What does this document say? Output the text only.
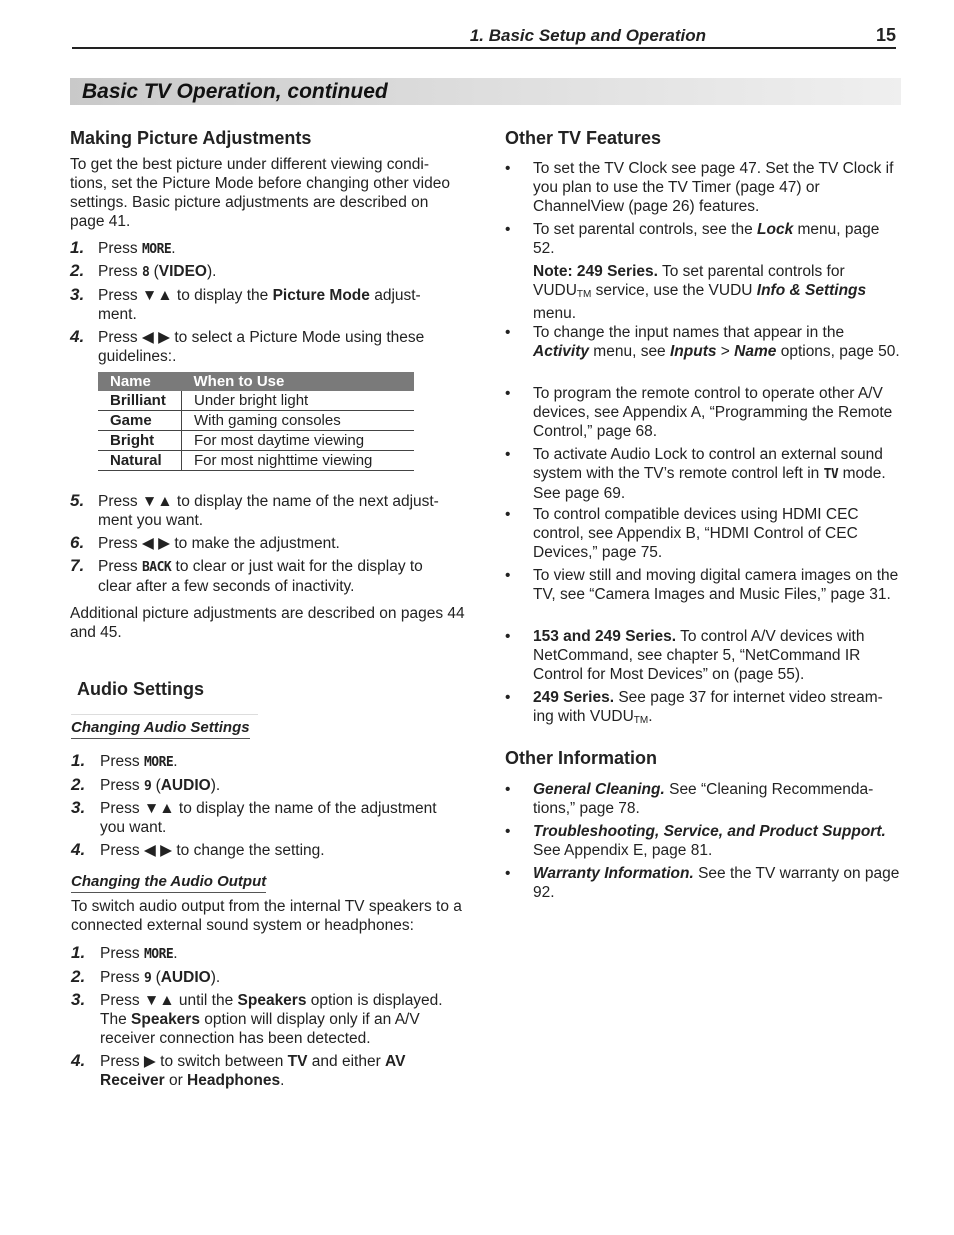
1. Basic Setup and Operation	15
Basic TV Operation, continued
Making Picture Adjustments
To get the best picture under different viewing condi-tions, set the Picture Mode before changing other video settings. Basic picture adjustments are described on page 41.
1. Press MORE.
2. Press 8 (VIDEO).
3. Press ▼▲ to display the Picture Mode adjust-ment.
4. Press ◀ ▶ to select a Picture Mode using these guidelines:.
Name	When to Use
Brilliant	Under bright light
Game	With gaming consoles
Bright	For most daytime viewing
Natural	For most nighttime viewing
5. Press ▼▲ to display the name of the next adjust-ment you want.
6. Press ◀ ▶ to make the adjustment.
7. Press BACK to clear or just wait for the display to clear after a few seconds of inactivity.
Additional picture adjustments are described on pages 44 and 45.
Audio Settings
Changing Audio Settings
1. Press MORE.
2. Press 9 (AUDIO).
3. Press ▼▲ to display the name of the adjustment you want.
4. Press ◀ ▶ to change the setting.
Changing the Audio Output
To switch audio output from the internal TV speakers to a connected external sound system or headphones:
1. Press MORE.
2. Press 9 (AUDIO).
3. Press ▼▲ until the Speakers option is displayed. The Speakers option will display only if an A/V receiver connection has been detected.
4. Press ▶ to switch between TV and either AV Receiver or Headphones.
Other TV Features
• To set the TV Clock see page 47. Set the TV Clock if you plan to use the TV Timer (page 47) or ChannelView (page 26) features.
• To set parental controls, see the Lock menu, page 52.
Note: 249 Series. To set parental controls for $VUDU_{TM}$ service, use the VUDU Info & Settings menu.
• To change the input names that appear in the Activity menu, see Inputs > Name options, page 50.
• To program the remote control to operate other A/V devices, see Appendix A, “Programming the Remote Control,” page 68.
• To activate Audio Lock to control an external sound system with the TV’s remote control left in TV mode. See page 69.
• To control compatible devices using HDMI CEC control, see Appendix B, “HDMI Control of CEC Devices,” page 75.
• To view still and moving digital camera images on the TV, see “Camera Images and Music Files,” page 31.
• 153 and 249 Series. To control A/V devices with NetCommand, see chapter 5, “NetCommand IR Control for Most Devices” on (page 55).
• 249 Series. See page 37 for internet video stream-ing with $VUDU_{TM}$.
Other Information
• General Cleaning. See “Cleaning Recommenda-tions,” page 78.
• Troubleshooting, Service, and Product Support. See Appendix E, page 81.
• Warranty Information. See the TV warranty on page 92.
